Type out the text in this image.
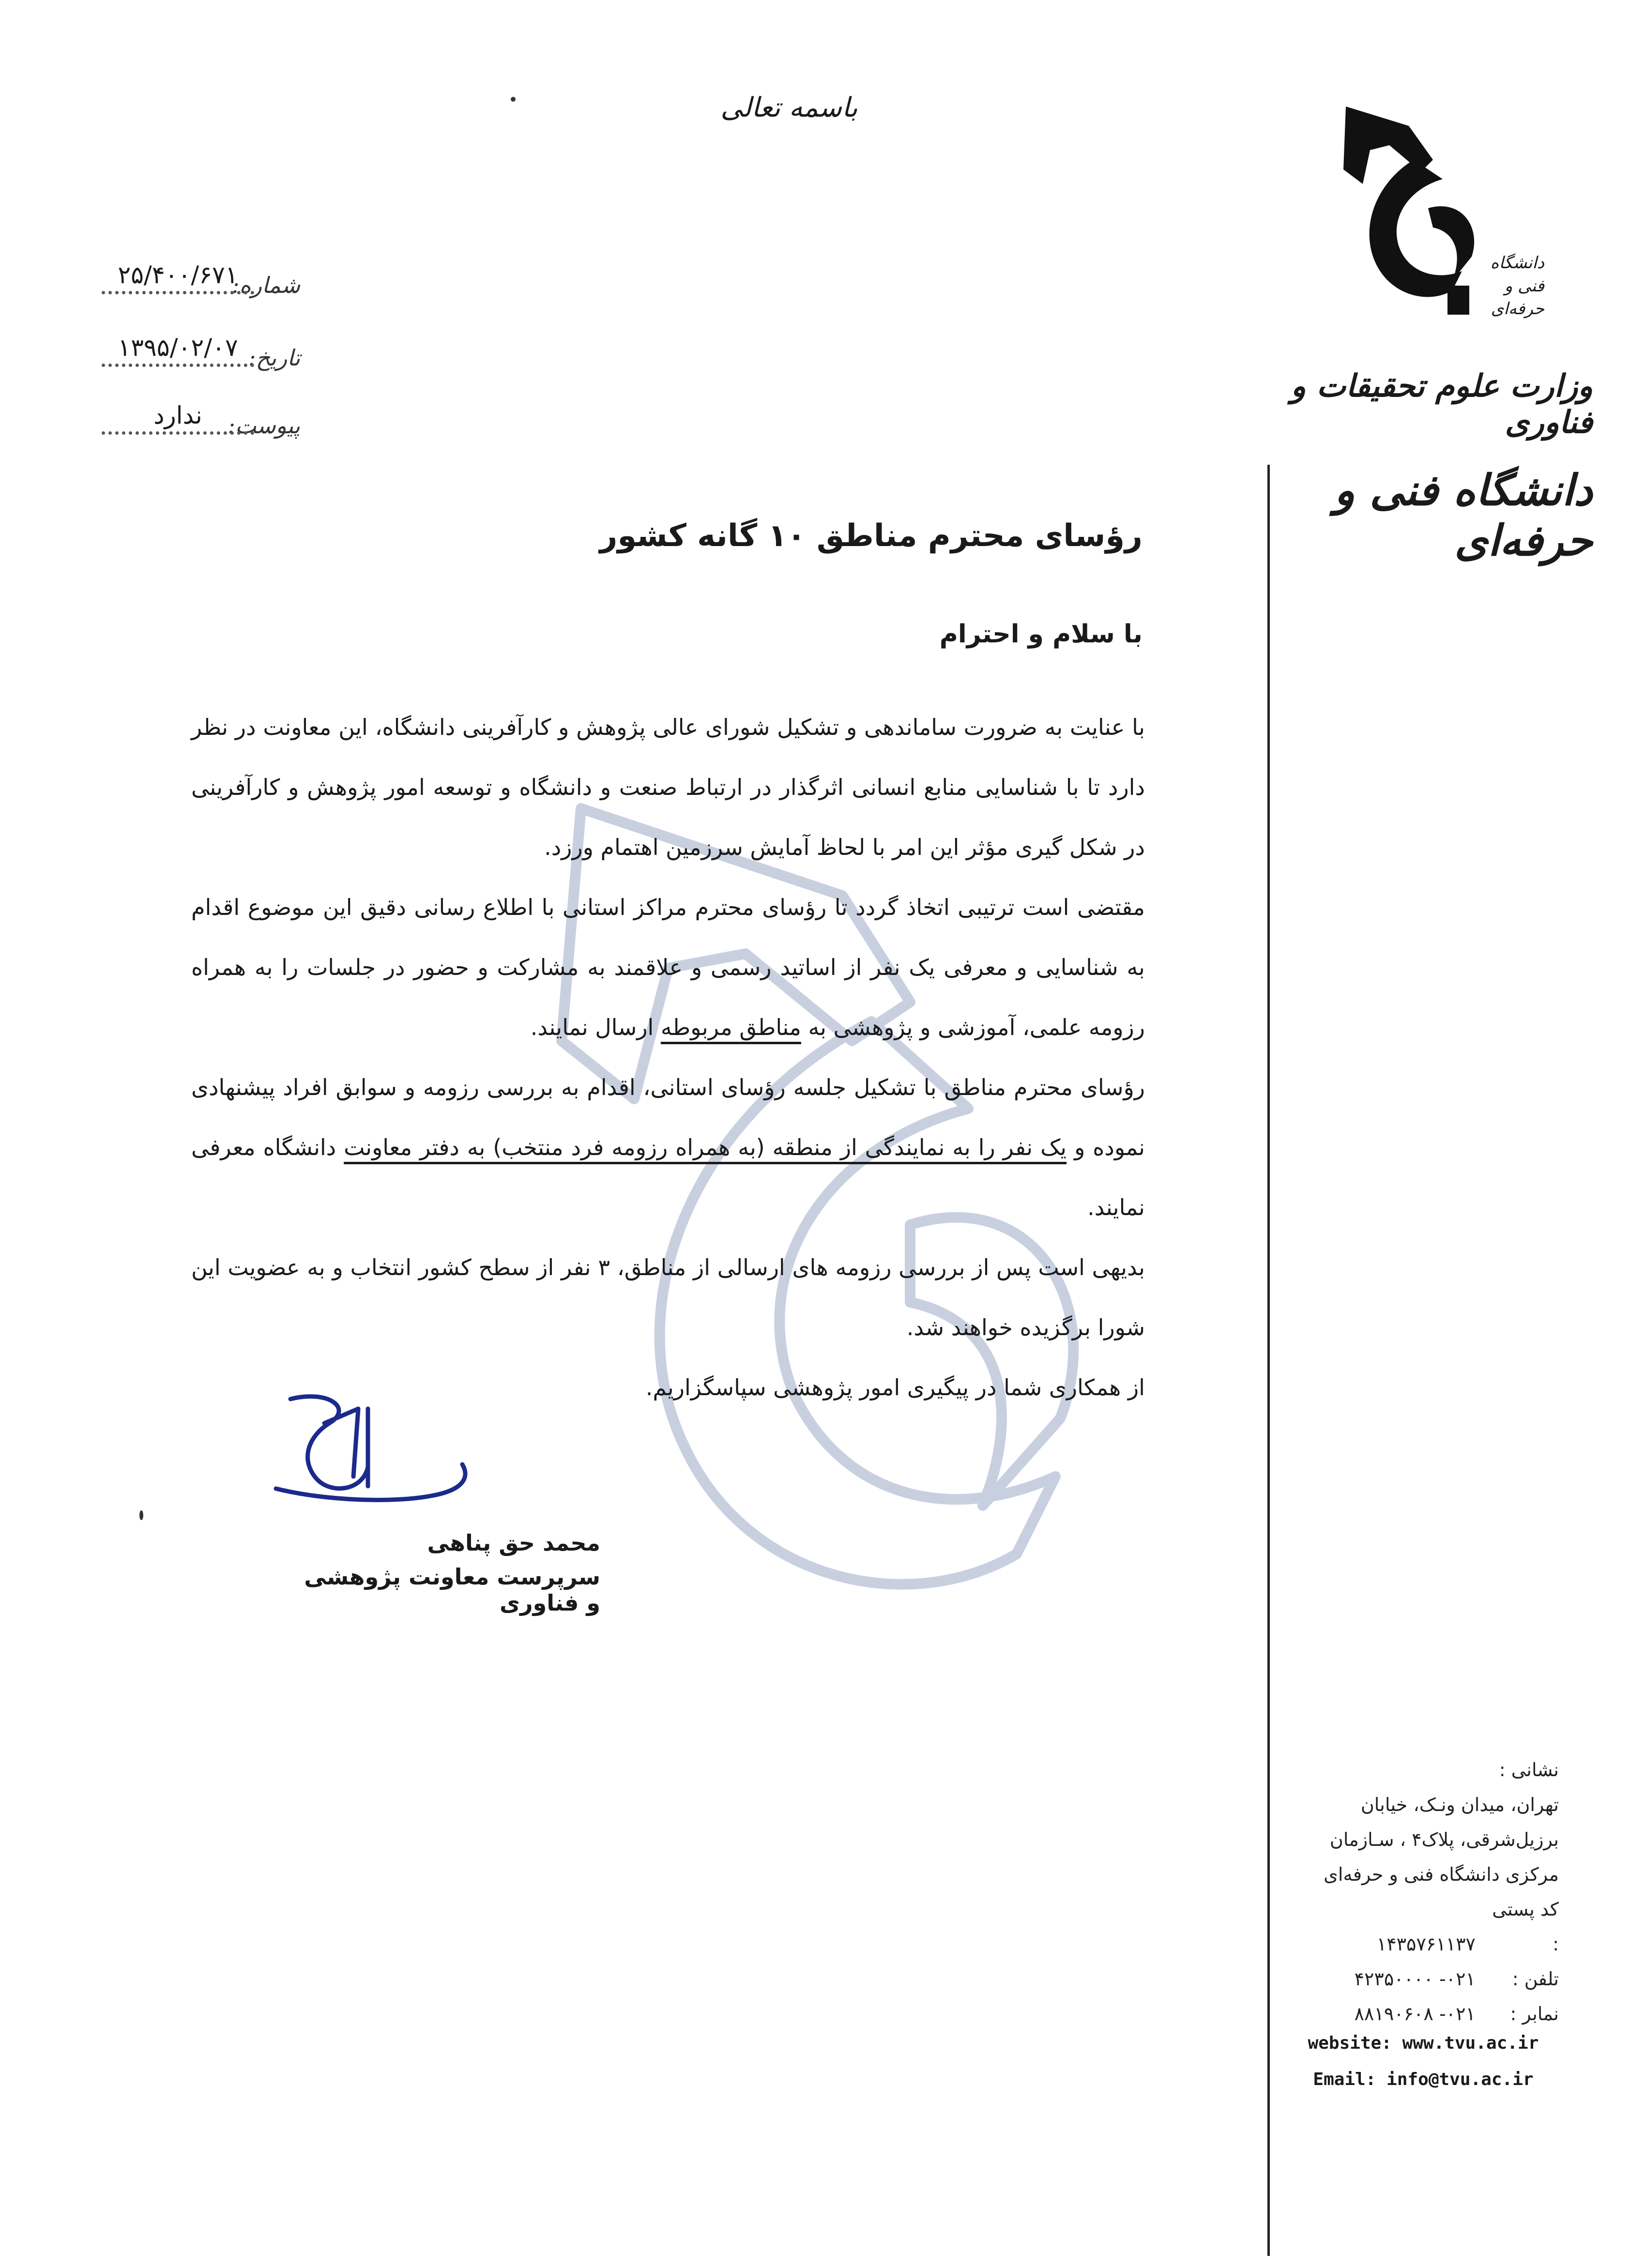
باسمه تعالی
شماره:
۲۵/۴۰۰/۶۷۱
تاریخ:
۱۳۹۵/۰۲/۰۷
پیوست:
ندارد
دانشگاه
فنی و حرفه‌ای
وزارت علوم تحقیقات و فناوری
دانشگاه فنی و حرفه‌ای
رؤسای محترم مناطق ۱۰ گانه کشور
با سلام و احترام

با عنایت به ضرورت ساماندهی و تشکیل شورای عالی پژوهش و کارآفرینی دانشگاه، این معاونت در نظر دارد تا با شناسایی منابع انسانی اثرگذار در ارتباط صنعت و دانشگاه و توسعه امور پژوهش و کارآفرینی در شکل گیری مؤثر این امر با لحاظ آمایش سرزمین اهتمام ورزد.

مقتضی است ترتیبی اتخاذ گردد تا رؤسای محترم مراکز استانی با اطلاع رسانی دقیق این موضوع اقدام به شناسایی و معرفی یک نفر از اساتید رسمی و علاقمند به مشارکت و حضور در جلسات را به همراه رزومه علمی، آموزشی و پژوهشی به مناطق مربوطه ارسال نمایند.

رؤسای محترم مناطق با تشکیل جلسه رؤسای استانی، اقدام به بررسی رزومه و سوابق افراد پیشنهادی نموده و یک نفر را به نمایندگی از منطقه (به همراه رزومه فرد منتخب) به دفتر معاونت دانشگاه معرفی نمایند.

بدیهی است پس از بررسی رزومه های ارسالی از مناطق، ۳ نفر از سطح کشور انتخاب و به عضویت این شورا برگزیده خواهند شد.

از همکاری شما در پیگیری امور پژوهشی سپاسگزاریم.

محمد حق پناهی
سرپرست معاونت پژوهشی و فناوری
نشانی :
تهران، میدان ونـک، خیابان
برزیل‌شرقی، پلاک۴ ، سـازمان
مرکزی دانشگاه فنی و حرفه‌ای
کد پستی : ۱۴۳۵۷۶۱۱۳۷
تلفن : ۰۲۱- ۴۲۳۵۰۰۰۰
نمابر : ۰۲۱- ۸۸۱۹۰۶۰۸
website: www.tvu.ac.ir
Email: info@tvu.ac.ir
